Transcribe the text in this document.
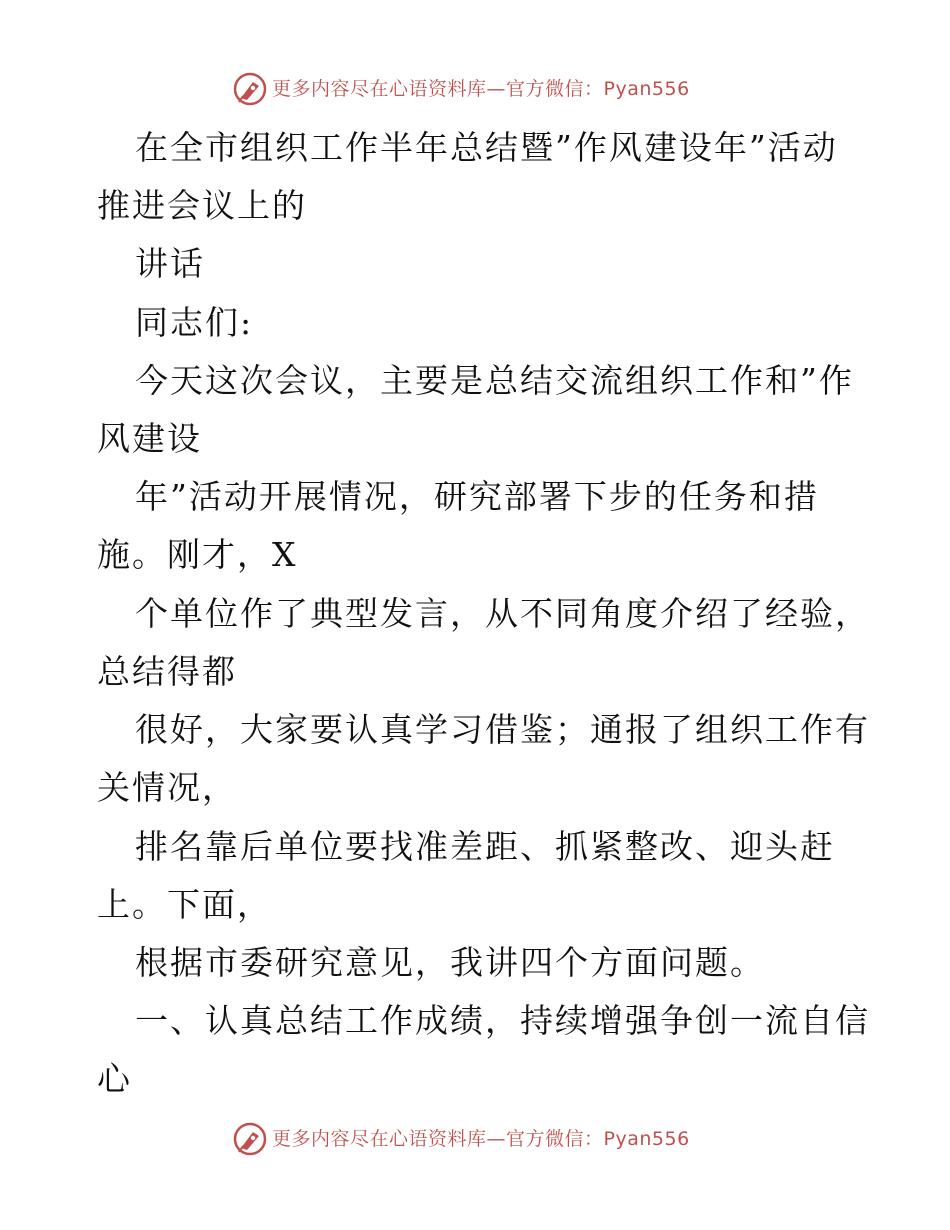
更多内容尽在心语资料库—官方微信：Pyan556
在全市组织工作半年总结暨”作风建设年”活动
推进会议上的
讲话
同志们:
今天这次会议，主要是总结交流组织工作和”作
风建设
年”活动开展情况，研究部署下步的任务和措
施。刚才，X
个单位作了典型发言，从不同角度介绍了经验，
总结得都
很好，大家要认真学习借鉴；通报了组织工作有
关情况，
排名靠后单位要找准差距、抓紧整改、迎头赶
上。下面，
根据市委研究意见，我讲四个方面问题。
一、认真总结工作成绩，持续增强争创一流自信
心
更多内容尽在心语资料库—官方微信：Pyan556
